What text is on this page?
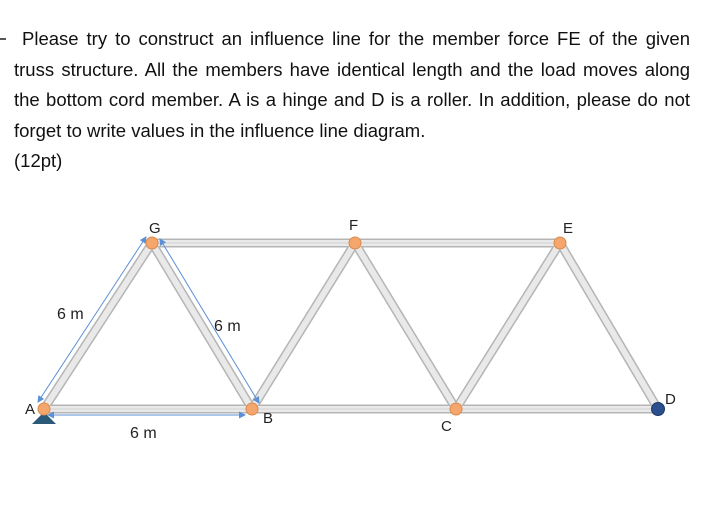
Please try to construct an influence line for the member force FE of the given truss structure. All the members have identical length and the load moves along the bottom cord member. A is a hinge and D is a roller. In addition, please do not forget to write values in the influence line diagram.
(12pt)

A
B	C
D
G	F	E
6 m
6 m
6 m
